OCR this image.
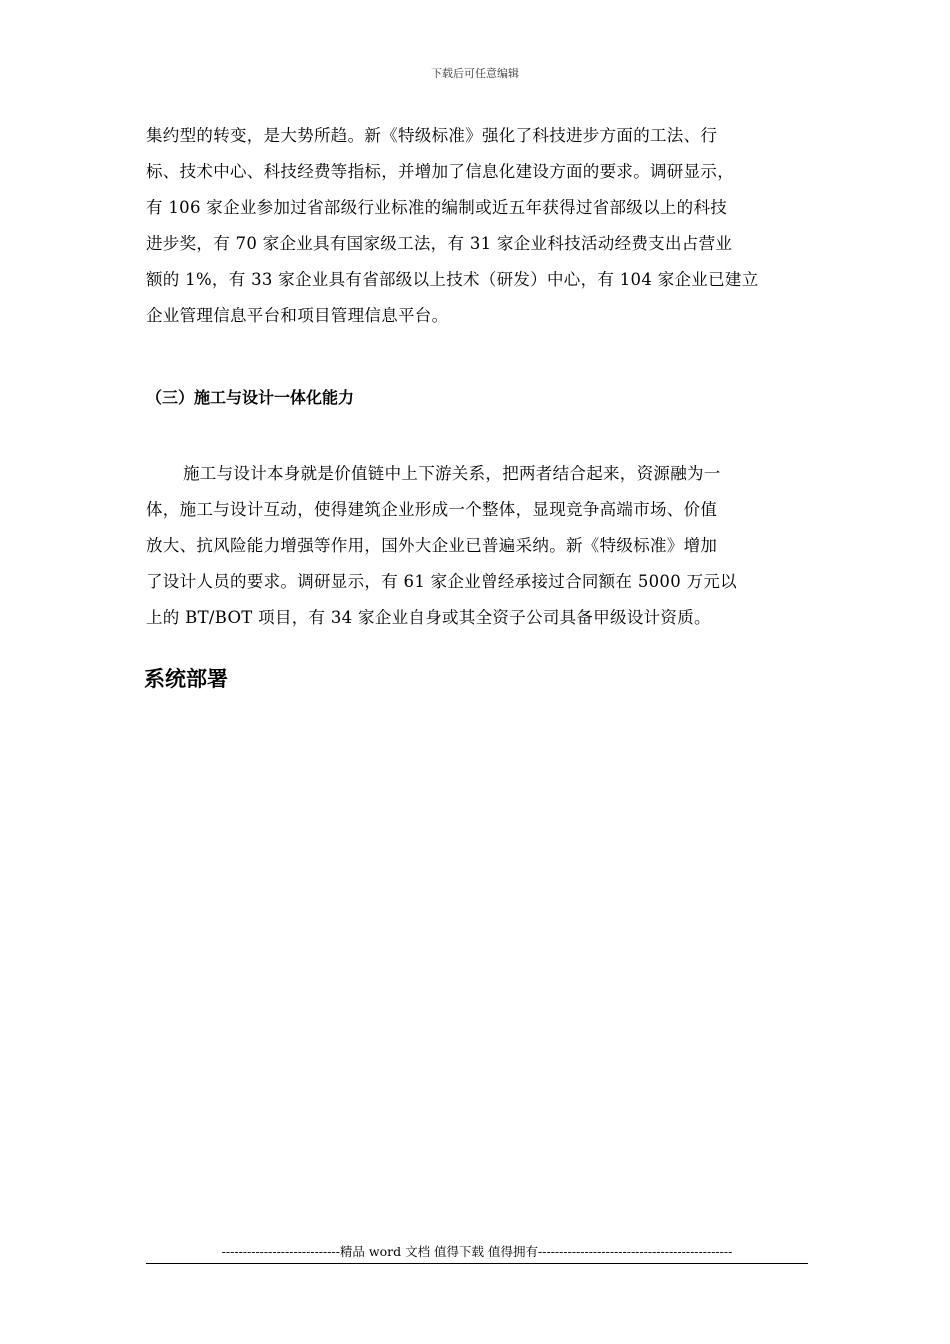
下载后可任意编辑
集约型的转变，是大势所趋。新《特级标准》强化了科技进步方面的工法、行
标、技术中心、科技经费等指标，并增加了信息化建设方面的要求。调研显示，
有 106 家企业参加过省部级行业标准的编制或近五年获得过省部级以上的科技
进步奖，有 70 家企业具有国家级工法，有 31 家企业科技活动经费支出占营业
额的 1%，有 33 家企业具有省部级以上技术（研发）中心，有 104 家企业已建立
企业管理信息平台和项目管理信息平台。
（三）施工与设计一体化能力
施工与设计本身就是价值链中上下游关系，把两者结合起来，资源融为一
体，施工与设计互动，使得建筑企业形成一个整体，显现竞争高端市场、价值
放大、抗风险能力增强等作用，国外大企业已普遍采纳。新《特级标准》增加
了设计人员的要求。调研显示，有 61 家企业曾经承接过合同额在 5000 万元以
上的 BT/BOT 项目，有 34 家企业自身或其全资子公司具备甲级设计资质。
系统部署
----------------------------精品 word 文档 值得下载 值得拥有----------------------------------------------
